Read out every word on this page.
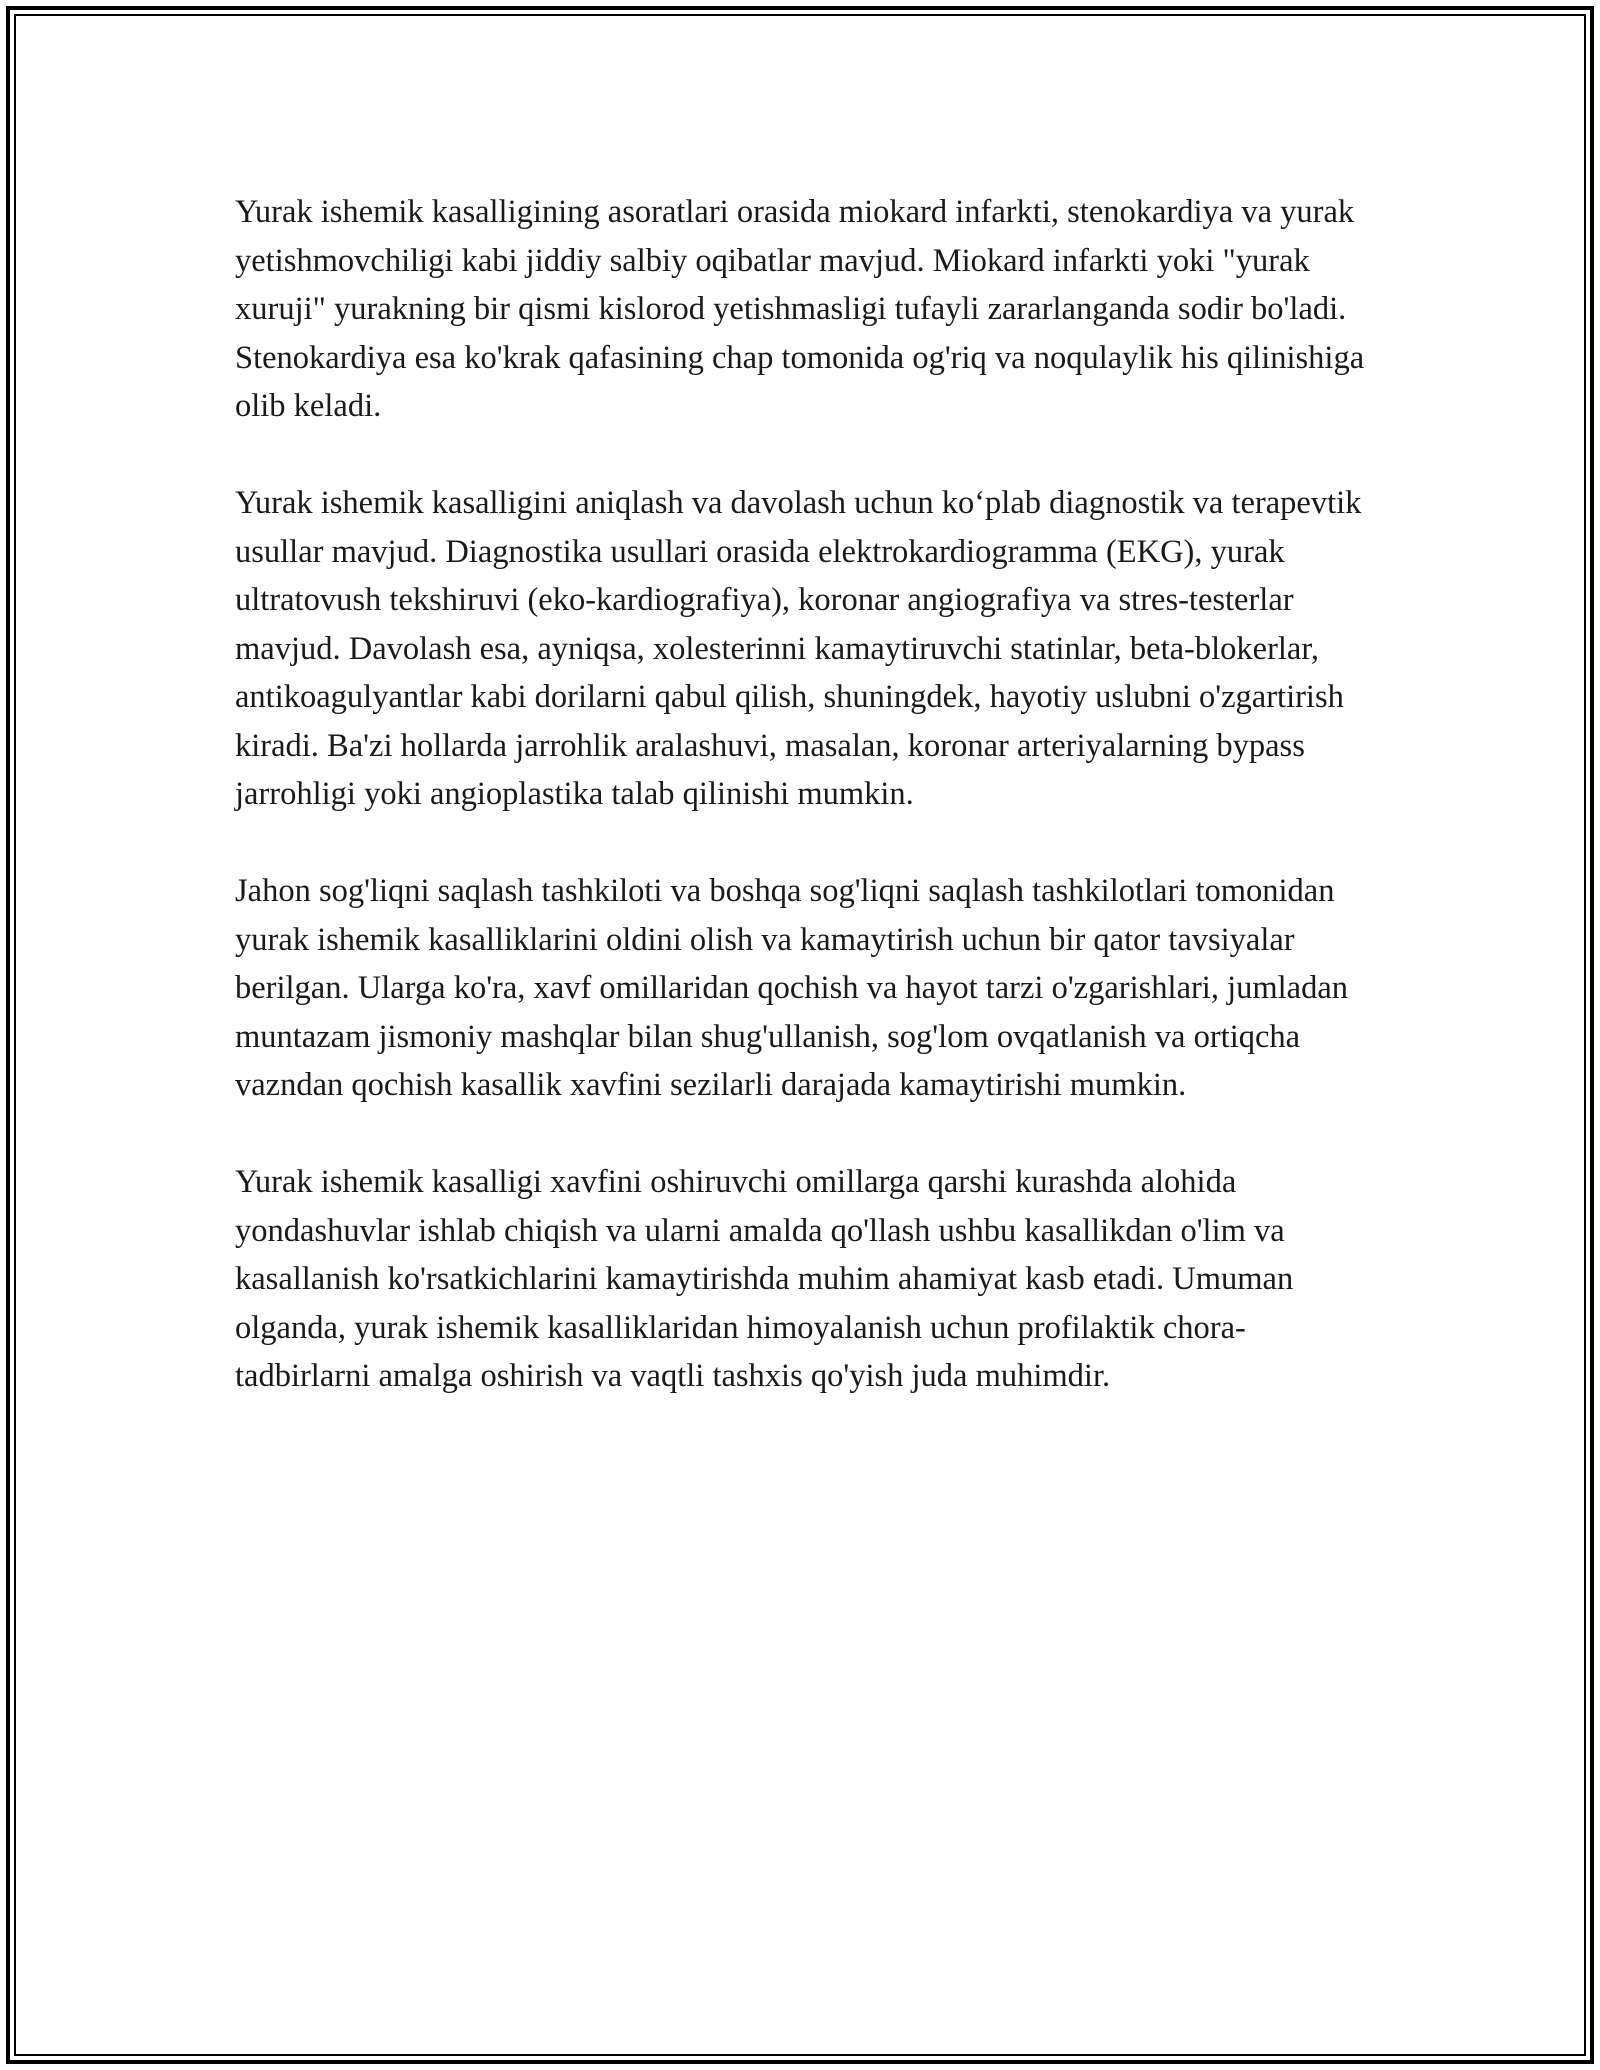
Yurak ishemik kasalligining asoratlari orasida miokard infarkti, stenokardiya va yurak yetishmovchiligi kabi jiddiy salbiy oqibatlar mavjud. Miokard infarkti yoki "yurak xuruji" yurakning bir qismi kislorod yetishmasligi tufayli zararlanganda sodir bo'ladi. Stenokardiya esa ko'krak qafasining chap tomonida og'riq va noqulaylik his qilinishiga olib keladi.

Yurak ishemik kasalligini aniqlash va davolash uchun koʻplab diagnostik va terapevtik usullar mavjud. Diagnostika usullari orasida elektrokardiogramma (EKG), yurak ultratovush tekshiruvi (eko-kardiografiya), koronar angiografiya va stres-testerlar mavjud. Davolash esa, ayniqsa, xolesterinni kamaytiruvchi statinlar, beta-blokerlar, antikoagulyantlar kabi dorilarni qabul qilish, shuningdek, hayotiy uslubni o'zgartirish kiradi. Ba'zi hollarda jarrohlik aralashuvi, masalan, koronar arteriyalarning bypass jarrohligi yoki angioplastika talab qilinishi mumkin.

Jahon sog'liqni saqlash tashkiloti va boshqa sog'liqni saqlash tashkilotlari tomonidan yurak ishemik kasalliklarini oldini olish va kamaytirish uchun bir qator tavsiyalar berilgan. Ularga ko'ra, xavf omillaridan qochish va hayot tarzi o'zgarishlari, jumladan muntazam jismoniy mashqlar bilan shug'ullanish, sog'lom ovqatlanish va ortiqcha vazndan qochish kasallik xavfini sezilarli darajada kamaytirishi mumkin.

Yurak ishemik kasalligi xavfini oshiruvchi omillarga qarshi kurashda alohida yondashuvlar ishlab chiqish va ularni amalda qo'llash ushbu kasallikdan o'lim va kasallanish ko'rsatkichlarini kamaytirishda muhim ahamiyat kasb etadi. Umuman olganda, yurak ishemik kasalliklaridan himoyalanish uchun profilaktik chora-tadbirlarni amalga oshirish va vaqtli tashxis qo'yish juda muhimdir.
